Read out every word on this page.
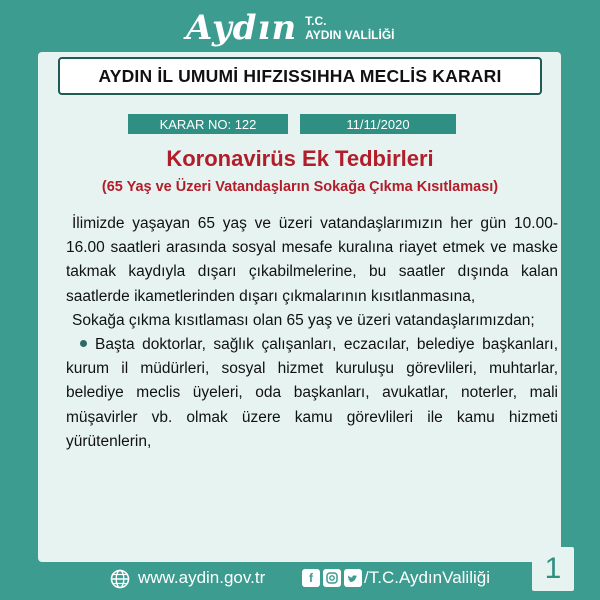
Aydın T.C.
AYDIN VALİLİĞİ
AYDIN İL UMUMİ HIFZISSIHHA MECLİS KARARI
KARAR NO: 122	11/11/2020
Koronavirüs Ek Tedbirleri
(65 Yaş ve Üzeri Vatandaşların Sokağa Çıkma Kısıtlaması)

İlimizde yaşayan 65 yaş ve üzeri vatandaşlarımızın her gün 10.00-16.00 saatleri arasında sosyal mesafe kuralına riayet etmek ve maske takmak kaydıyla dışarı çıkabilmelerine, bu saatler dışında kalan saatlerde ikametlerinden dışarı çıkmalarının kısıtlanmasına,

Sokağa çıkma kısıtlaması olan 65 yaş ve üzeri vatandaşlarımızdan;

Başta doktorlar, sağlık çalışanları, eczacılar, belediye başkanları, kurum il müdürleri, sosyal hizmet kuruluşu görevlileri, muhtarlar, belediye meclis üyeleri, oda başkanları, avukatlar, noterler, mali müşavirler vb. olmak üzere kamu görevlileri ile kamu hizmeti yürütenlerin,

www.aydin.gov.tr	f	/T.C.AydınValiliği	1
